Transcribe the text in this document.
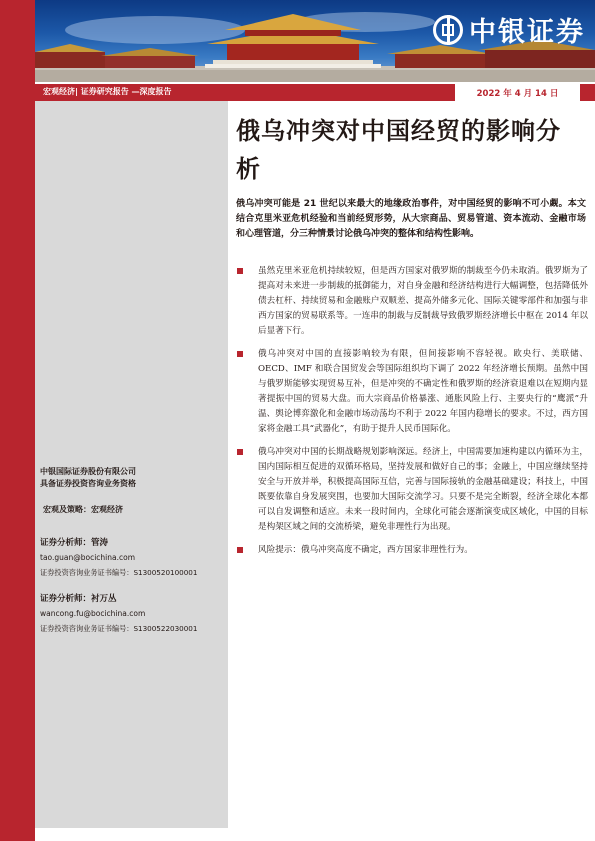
中银证券
宏观经济| 证券研究报告 —深度报告	2022 年 4 月 14 日
中银国际证券股份有限公司
具备证券投资咨询业务资格
宏观及策略：宏观经济
证券分析师：管涛
tao.guan@bocichina.com
证券投资咨询业务证书编号：S1300520100001
证券分析师：衬万丛
wancong.fu@bocichina.com
证券投资咨询业务证书编号：S1300522030001
俄乌冲突对中国经贸的影响分析
俄乌冲突可能是 21 世纪以来最大的地缘政治事件，对中国经贸的影响不可小觑。本文结合克里米亚危机经验和当前经贸形势，从大宗商品、贸易管道、资本流动、金融市场和心理管道，分三种情景讨论俄乌冲突的整体和结构性影响。
虽然克里米亚危机持续较短，但是西方国家对俄罗斯的制裁至今仍未取消。俄罗斯为了提高对未来进一步制裁的抵御能力，对自身金融和经济结构进行大幅调整，包括降低外债去杠杆、持续贸易和金融账户双顺差、提高外储多元化、国际关键零部件和加强与非西方国家的贸易联系等。一连串的制裁与反制裁导致俄罗斯经济增长中枢在 2014 年以后显著下行。
俄乌冲突对中国的直接影响较为有限，但间接影响不容轻视。欧央行、美联储、OECD、IMF 和联合国贸发会等国际组织均下调了 2022 年经济增长预期。虽然中国与俄罗斯能够实现贸易互补，但是冲突的不确定性和俄罗斯的经济衰退难以在短期内显著提振中国的贸易大盘。而大宗商品价格暴涨、通胀风险上行、主要央行的“鹰派”升温、舆论博弈激化和金融市场动荡均不利于 2022 年国内稳增长的要求。不过，西方国家将金融工具“武器化”，有助于提升人民币国际化。
俄乌冲突对中国的长期战略规划影响深远。经济上，中国需要加速构建以内循环为主，国内国际相互促进的双循环格局，坚持发展和做好自己的事；金融上，中国应继续坚持安全与开放并举，积极提高国际互信，完善与国际接轨的金融基础建设；科技上，中国既要依靠自身发展突围，也要加大国际交流学习。只要不是完全断裂，经济全球化本都可以自发调整和适应。未来一段时间内，全球化可能会逐渐演变成区域化，中国的目标是构架区域之间的交流桥梁，避免非理性行为出现。
风险提示：俄乌冲突高度不确定，西方国家非理性行为。
